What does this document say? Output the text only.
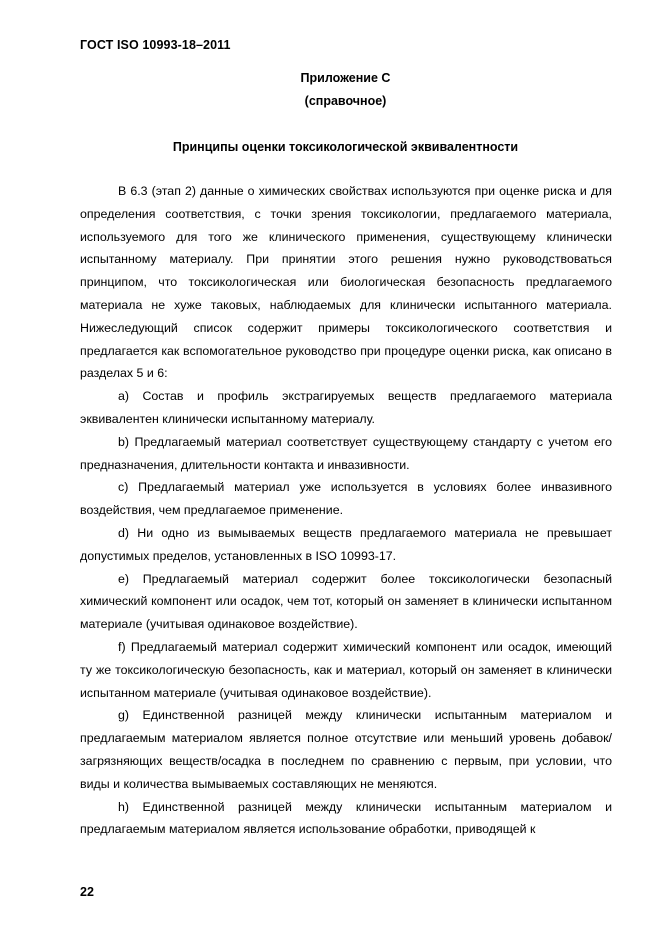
ГОСТ ISO 10993-18–2011
Приложение С
(справочное)
Принципы оценки токсикологической эквивалентности

В 6.3 (этап 2) данные о химических свойствах используются при оценке риска и для определения соответствия, с точки зрения токсикологии, предлагаемого материала, используемого для того же клинического применения, существующему клинически испытанному материалу. При принятии этого решения нужно руководствоваться принципом, что токсикологическая или биологическая безопасность предлагаемого материала не хуже таковых, наблюдаемых для клинически испытанного материала. Нижеследующий список содержит примеры токсикологического соответствия и предлагается как вспомогательное руководство при процедуре оценки риска, как описано в разделах 5 и 6:

a) Состав и профиль экстрагируемых веществ предлагаемого материала эквивалентен клинически испытанному материалу.

b) Предлагаемый материал соответствует существующему стандарту с учетом его предназначения, длительности контакта и инвазивности.

c) Предлагаемый материал уже используется в условиях более инвазивного воздействия, чем предлагаемое применение.

d) Ни одно из вымываемых веществ предлагаемого материала не превышает допустимых пределов, установленных в ISO 10993-17.

e) Предлагаемый материал содержит более токсикологически безопасный химический компонент или осадок, чем тот, который он заменяет в клинически испытанном материале (учитывая одинаковое воздействие).

f) Предлагаемый материал содержит химический компонент или осадок, имеющий ту же токсикологическую безопасность, как и материал, который он заменяет в клинически испытанном материале (учитывая одинаковое воздействие).

g) Единственной разницей между клинически испытанным материалом и предлагаемым материалом является полное отсутствие или меньший уровень добавок/загрязняющих веществ/осадка в последнем по сравнению с первым, при условии, что виды и количества вымываемых составляющих не меняются.

h) Единственной разницей между клинически испытанным материалом и предлагаемым материалом является использование обработки, приводящей к

22
